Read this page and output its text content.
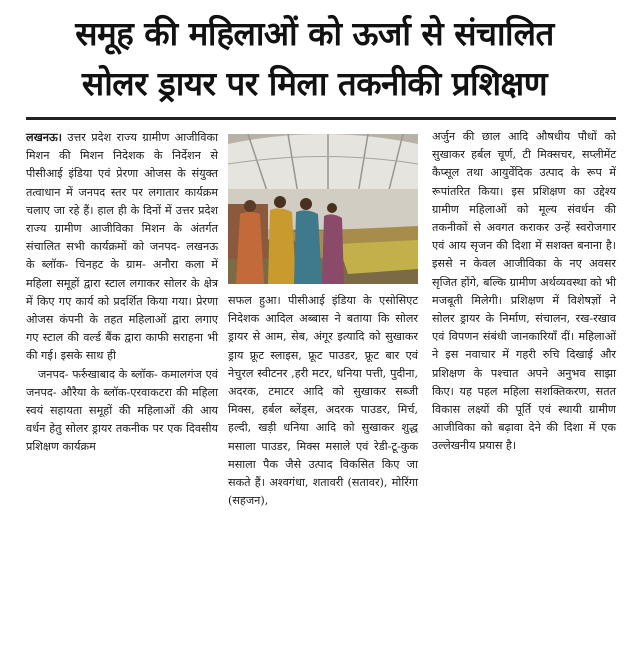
समूह की महिलाओं को ऊर्जा से संचालित
सोलर ड्रायर पर मिला तकनीकी प्रशिक्षण

लखनऊ। उत्तर प्रदेश राज्य ग्रामीण आजीविका मिशन की मिशन निदेशक के निर्देशन से पीसीआई इंडिया एवं प्रेरणा ओजस के संयुक्त तत्वाधान में जनपद स्तर पर लगातार कार्यक्रम चलाए जा रहे हैं। हाल ही के दिनों में उत्तर प्रदेश राज्य ग्रामीण आजीविका मिशन के अंतर्गत संचालित सभी कार्यक्रमों को जनपद- लखनऊ के ब्लॉक- चिनहट के ग्राम- अनौरा कला में महिला समूहों द्वारा स्टाल लगाकर सोलर के क्षेत्र में किए गए कार्य को प्रदर्शित किया गया। प्रेरणा ओजस कंपनी के तहत महिलाओं द्वारा लगाए गए स्टाल की वर्ल्ड बैंक द्वारा काफी सराहना भी की गई। इसके साथ ही

जनपद- फर्रुखाबाद के ब्लॉक- कमालगंज एवं जनपद- औरैया के ब्लॉक-एरवाकटरा की महिला स्वयं सहायता समूहों की महिलाओं की आय वर्धन हेतु सोलर ड्रायर तकनीक पर एक दिवसीय प्रशिक्षण कार्यक्रम

सफल हुआ। पीसीआई इंडिया के एसोसिएट निदेशक आदिल अब्बास ने बताया कि सोलर ड्रायर से आम, सेब, अंगूर इत्यादि को सुखाकर ड्राय फ्रूट स्लाइस, फ्रूट पाउडर, फ्रूट बार एवं नेचुरल स्वीटनर ,हरी मटर, धनिया पत्ती, पुदीना, अदरक, टमाटर आदि को सुखाकर सब्जी मिक्स, हर्बल ब्लेंड्स, अदरक पाउडर, मिर्च, हल्दी, खड़ी धनिया आदि को सुखाकर शुद्ध मसाला पाउडर, मिक्स मसाले एवं रेडी-टू-कुक मसाला पैक जैसे उत्पाद विकसित किए जा सकते हैं। अश्वगंधा, शतावरी (सतावर), मोरिंगा (सहजन),

अर्जुन की छाल आदि औषधीय पौधों को सुखाकर हर्बल चूर्ण, टी मिक्सचर, सप्लीमेंट कैप्सूल तथा आयुर्वेदिक उत्पाद के रूप में रूपांतरित किया। इस प्रशिक्षण का उद्देश्य ग्रामीण महिलाओं को मूल्य संवर्धन की तकनीकों से अवगत कराकर उन्हें स्वरोजगार एवं आय सृजन की दिशा में सशक्त बनाना है। इससे न केवल आजीविका के नए अवसर सृजित होंगे, बल्कि ग्रामीण अर्थव्यवस्था को भी मजबूती मिलेगी। प्रशिक्षण में विशेषज्ञों ने सोलर ड्रायर के निर्माण, संचालन, रख-रखाव एवं विपणन संबंधी जानकारियाँ दीं। महिलाओं ने इस नवाचार में गहरी रुचि दिखाई और प्रशिक्षण के पश्चात अपने अनुभव साझा किए। यह पहल महिला सशक्तिकरण, सतत विकास लक्ष्यों की पूर्ति एवं स्थायी ग्रामीण आजीविका को बढ़ावा देने की दिशा में एक उल्लेखनीय प्रयास है।
